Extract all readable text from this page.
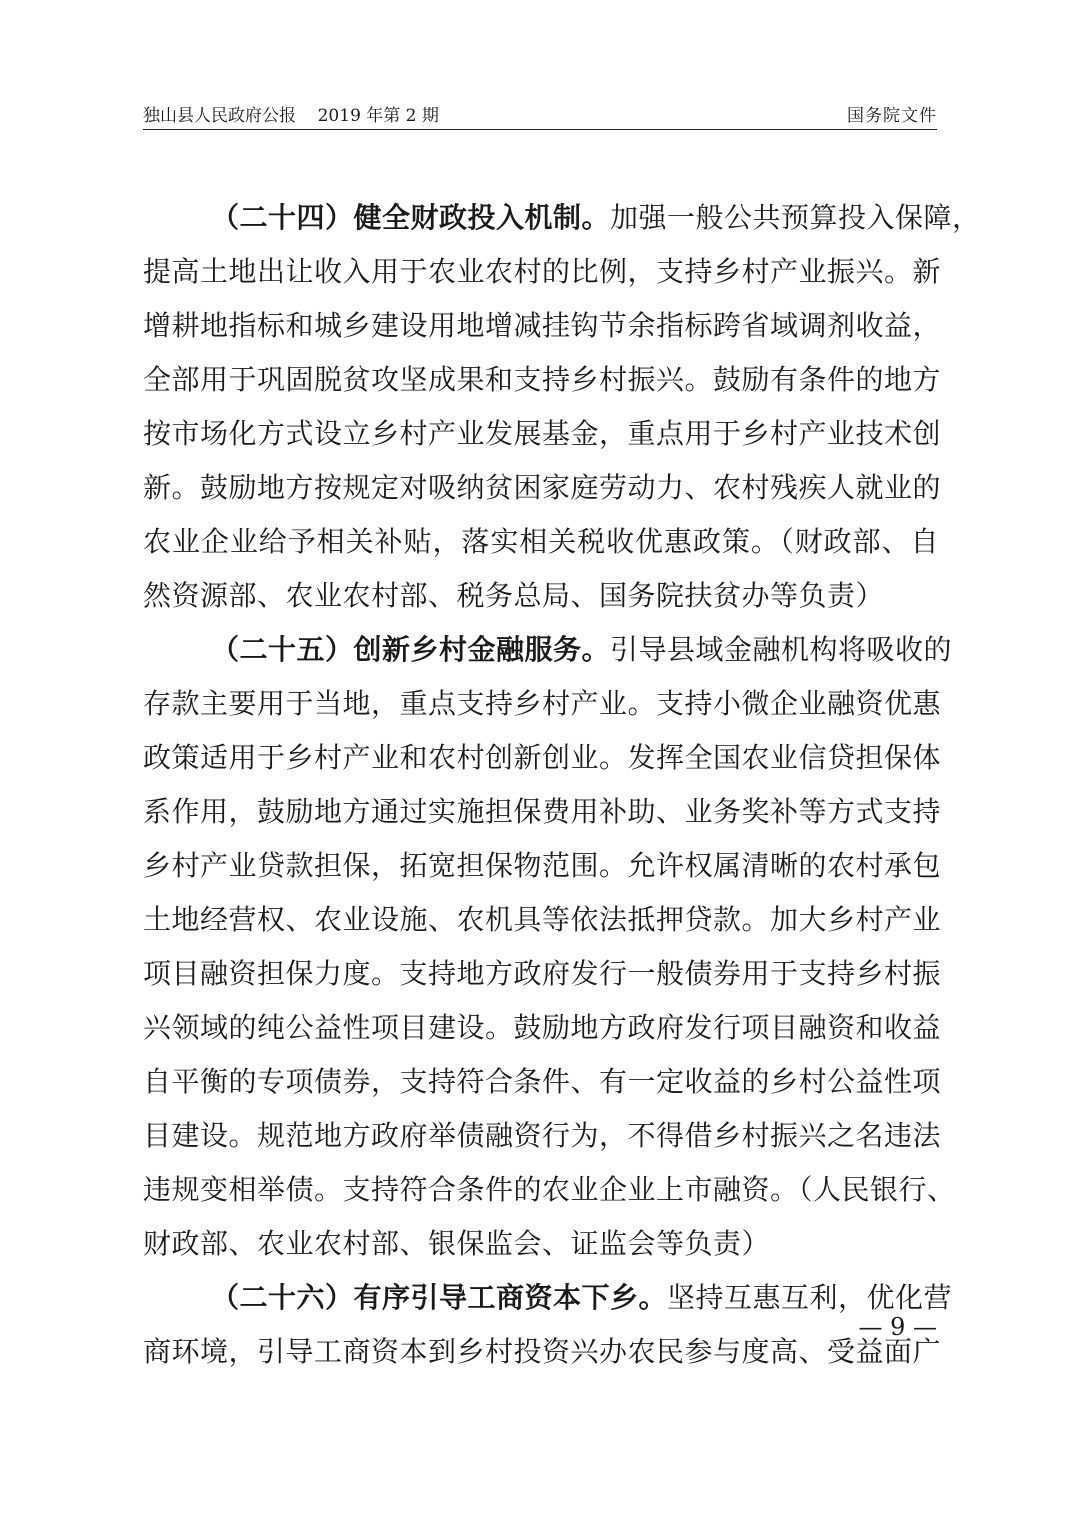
独山县人民政府公报    2019 年第 2 期	国务院文件
（二十四）健全财政投入机制。加强一般公共预算投入保障，
提高土地出让收入用于农业农村的比例，支持乡村产业振兴。新
增耕地指标和城乡建设用地增减挂钩节余指标跨省域调剂收益，
全部用于巩固脱贫攻坚成果和支持乡村振兴。鼓励有条件的地方
按市场化方式设立乡村产业发展基金，重点用于乡村产业技术创
新。鼓励地方按规定对吸纳贫困家庭劳动力、农村残疾人就业的
农业企业给予相关补贴，落实相关税收优惠政策。（财政部、自
然资源部、农业农村部、税务总局、国务院扶贫办等负责）
（二十五）创新乡村金融服务。引导县域金融机构将吸收的
存款主要用于当地，重点支持乡村产业。支持小微企业融资优惠
政策适用于乡村产业和农村创新创业。发挥全国农业信贷担保体
系作用，鼓励地方通过实施担保费用补助、业务奖补等方式支持
乡村产业贷款担保，拓宽担保物范围。允许权属清晰的农村承包
土地经营权、农业设施、农机具等依法抵押贷款。加大乡村产业
项目融资担保力度。支持地方政府发行一般债券用于支持乡村振
兴领域的纯公益性项目建设。鼓励地方政府发行项目融资和收益
自平衡的专项债券，支持符合条件、有一定收益的乡村公益性项
目建设。规范地方政府举债融资行为，不得借乡村振兴之名违法
违规变相举债。支持符合条件的农业企业上市融资。（人民银行、
财政部、农业农村部、银保监会、证监会等负责）
（二十六）有序引导工商资本下乡。坚持互惠互利，优化营
商环境，引导工商资本到乡村投资兴办农民参与度高、受益面广
— 9 —
